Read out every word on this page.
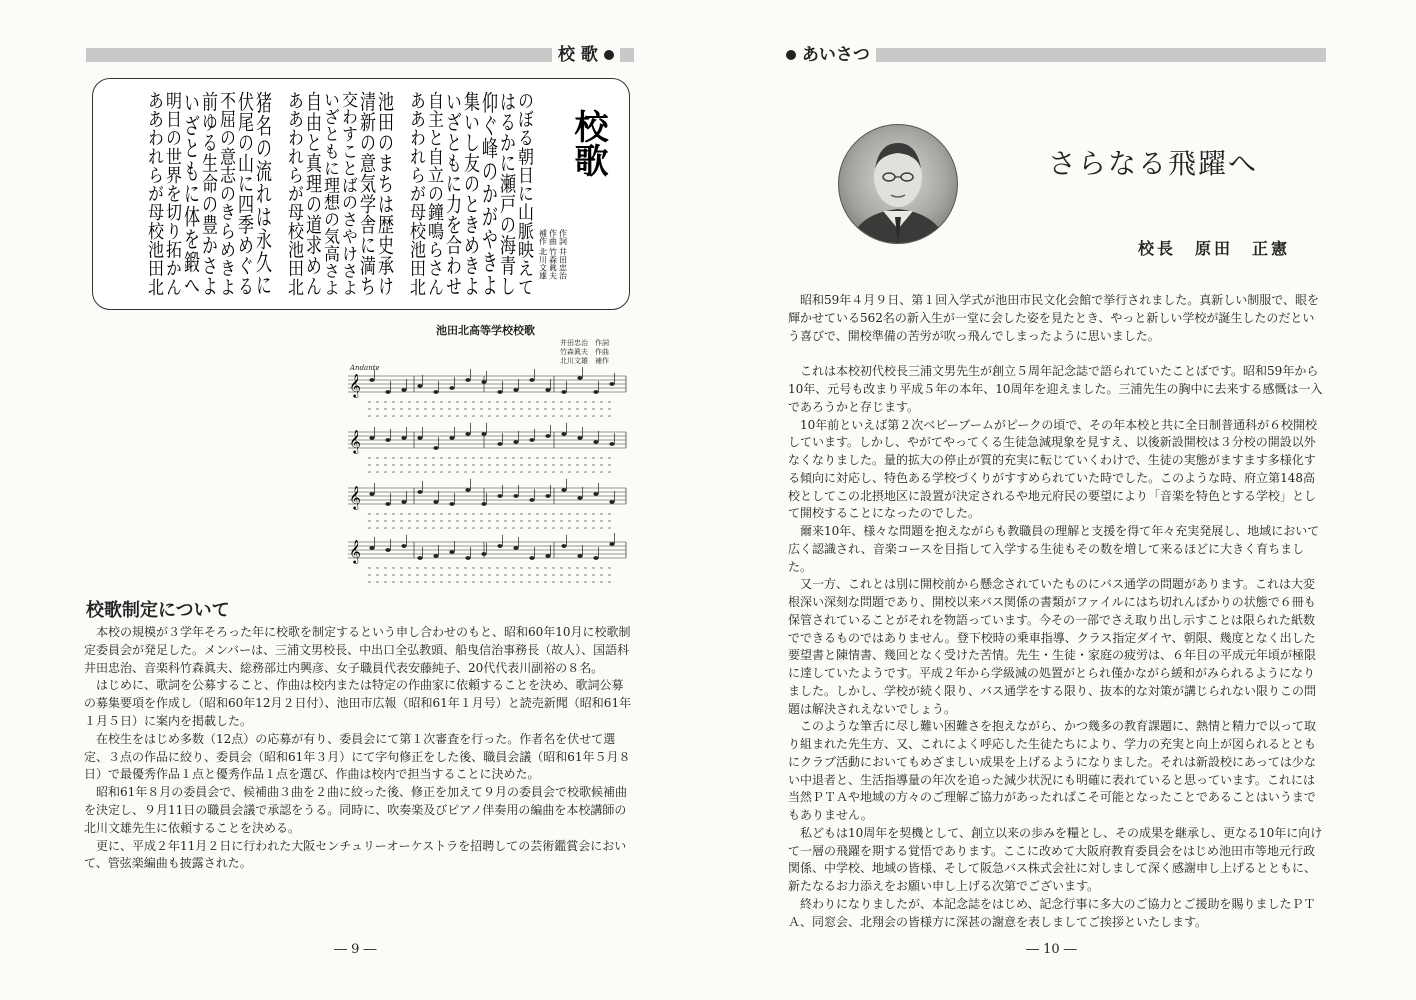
校 歌
校歌
作詞 井田忠治
作曲 竹森眞夫
補作 北川文雄
のぼる朝日に山脈映えて
はるかに瀬戸の海青し
仰ぐ峰のかがやきよ
集いし友のときめきよ
いざともに力を合わせ
自主と自立の鐘鳴らさん
ああわれらが母校池田北
池田のまちは歴史承け
清新の意気学舎に満ち
交わすことばのさやけさよ
いざともに理想の気高さよ
自由と真理の道求めん
ああわれらが母校池田北
猪名の流れは永久に
伏尾の山に四季めぐる
不屈の意志のきらめきよ
前ゆる生命の豊かさよ
いざともに体を鍛へ
明日の世界を切り拓かん
ああわれらが母校池田北
池田北高等学校校歌
井田忠治　作詞
竹森眞夫　作曲
北川文雄　補作
𝄞
𝄞
𝄞
𝄞
Andante
校歌制定について

本校の規模が３学年そろった年に校歌を制定するという申し合わせのもと、昭和60年10月に校歌制定委員会が発足した。メンバーは、三浦文男校長、中出口全弘教頭、船曳信治事務長（故人）、国語科井田忠治、音楽科竹森眞夫、総務部辻内興彦、女子職員代表安藤純子、20代代表川副裕の８名。

はじめに、歌詞を公募すること、作曲は校内または特定の作曲家に依頼することを決め、歌詞公募の募集要項を作成し（昭和60年12月２日付）、池田市広報（昭和61年１月号）と読売新聞（昭和61年１月５日）に案内を掲載した。

在校生をはじめ多数（12点）の応募が有り、委員会にて第１次審査を行った。作者名を伏せて選定、３点の作品に絞り、委員会（昭和61年３月）にて字句修正をした後、職員会議（昭和61年５月８日）で最優秀作品１点と優秀作品１点を選び、作曲は校内で担当することに決めた。

昭和61年８月の委員会で、候補曲３曲を２曲に絞った後、修正を加えて９月の委員会で校歌候補曲を決定し、９月11日の職員会議で承認をうる。同時に、吹奏楽及びピアノ伴奏用の編曲を本校講師の北川文雄先生に依頼することを決める。

更に、平成２年11月２日に行われた大阪センチュリーオーケストラを招聘しての芸術鑑賞会において、管弦楽編曲も披露された。

― 9 ―
あいさつ
さらなる飛躍へ
校長　原田　正憲

昭和59年４月９日、第１回入学式が池田市民文化会館で挙行されました。真新しい制服で、眼を輝かせている562名の新入生が一堂に会した姿を見たとき、やっと新しい学校が誕生したのだという喜びで、開校準備の苦労が吹っ飛んでしまったように思いました。

これは本校初代校長三浦文男先生が創立５周年記念誌で語られていたことばです。昭和59年から10年、元号も改まり平成５年の本年、10周年を迎えました。三浦先生の胸中に去来する感慨は一入であろうかと存じます。

10年前といえば第２次ベビーブームがピークの頃で、その年本校と共に全日制普通科が６校開校しています。しかし、やがてやってくる生徒急減現象を見すえ、以後新設開校は３分校の開設以外なくなりました。量的拡大の停止が質的充実に転じていくわけで、生徒の実態がますます多様化する傾向に対応し、特色ある学校づくりがすすめられていた時でした。このような時、府立第148高校としてこの北摂地区に設置が決定されるや地元府民の要望により「音楽を特色とする学校」として開校することになったのでした。

爾来10年、様々な問題を抱えながらも教職員の理解と支援を得て年々充実発展し、地域において広く認識され、音楽コースを目指して入学する生徒もその数を増して来るほどに大きく育ちました。

又一方、これとは別に開校前から懸念されていたものにバス通学の問題があります。これは大変根深い深刻な問題であり、開校以来バス関係の書類がファイルにはち切れんばかりの状態で６冊も保管されていることがそれを物語っています。今その一部でさえ取り出し示すことは限られた紙数でできるものではありません。登下校時の乗車指導、クラス指定ダイヤ、朝限、幾度となく出した要望書と陳情書、幾回となく受けた苦情。先生・生徒・家庭の疲労は、６年目の平成元年頃が極限に達していたようです。平成２年から学級減の処置がとられ僅かながら緩和がみられるようになりました。しかし、学校が続く限り、バス通学をする限り、抜本的な対策が講じられない限りこの問題は解決されえないでしょう。

このような筆舌に尽し難い困難さを抱えながら、かつ幾多の教育課題に、熱情と精力で以って取り組まれた先生方、又、これによく呼応した生徒たちにより、学力の充実と向上が図られるとともにクラブ活動においてもめざましい成果を上げるようになりました。それは新設校にあっては少ない中退者と、生活指導量の年次を追った減少状況にも明確に表れていると思っています。これには当然ＰＴＡや地域の方々のご理解ご協力があったればこそ可能となったことであることはいうまでもありません。

私どもは10周年を契機として、創立以来の歩みを糧とし、その成果を継承し、更なる10年に向けて一層の飛躍を期する覚悟であります。ここに改めて大阪府教育委員会をはじめ池田市等地元行政関係、中学校、地域の皆様、そして阪急バス株式会社に対しまして深く感謝申し上げるとともに、新たなるお力添えをお願い申し上げる次第でございます。

終わりになりましたが、本記念誌をはじめ、記念行事に多大のご協力とご援助を賜りましたＰＴＡ、同窓会、北翔会の皆様方に深甚の謝意を表しましてご挨拶といたします。

― 10 ―
